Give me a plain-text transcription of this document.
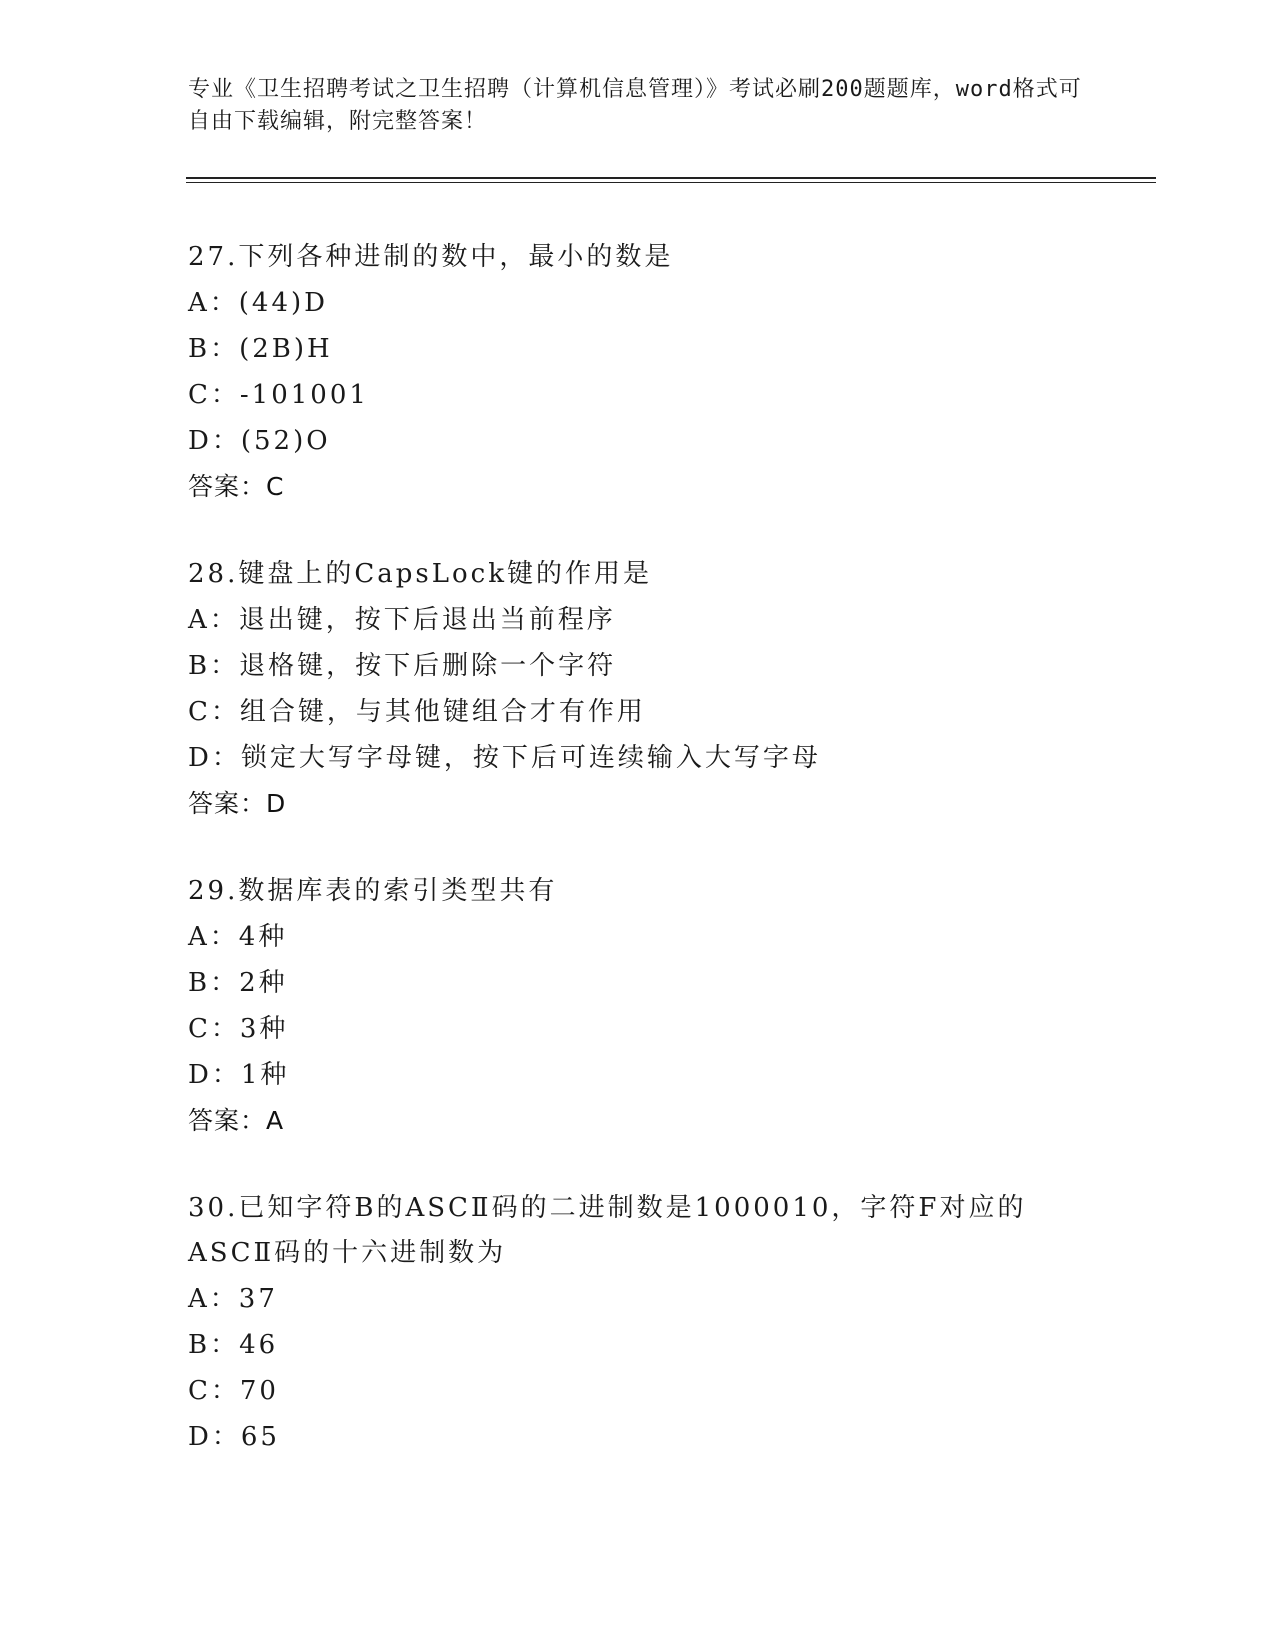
专业《卫生招聘考试之卫生招聘（计算机信息管理）》考试必刷200题题库，word格式可自由下载编辑，附完整答案！
27.下列各种进制的数中，最小的数是
A：(44)D
B：(2B)H
C：-101001
D：(52)O
答案：C
28.键盘上的CapsLock键的作用是
A：退出键，按下后退出当前程序
B：退格键，按下后删除一个字符
C：组合键，与其他键组合才有作用
D：锁定大写字母键，按下后可连续输入大写字母
答案：D
29.数据库表的索引类型共有
A：4种
B：2种
C：3种
D：1种
答案：A
30.已知字符B的ASCⅡ码的二进制数是1000010，字符F对应的ASCⅡ码的十六进制数为
A：37
B：46
C：70
D：65
